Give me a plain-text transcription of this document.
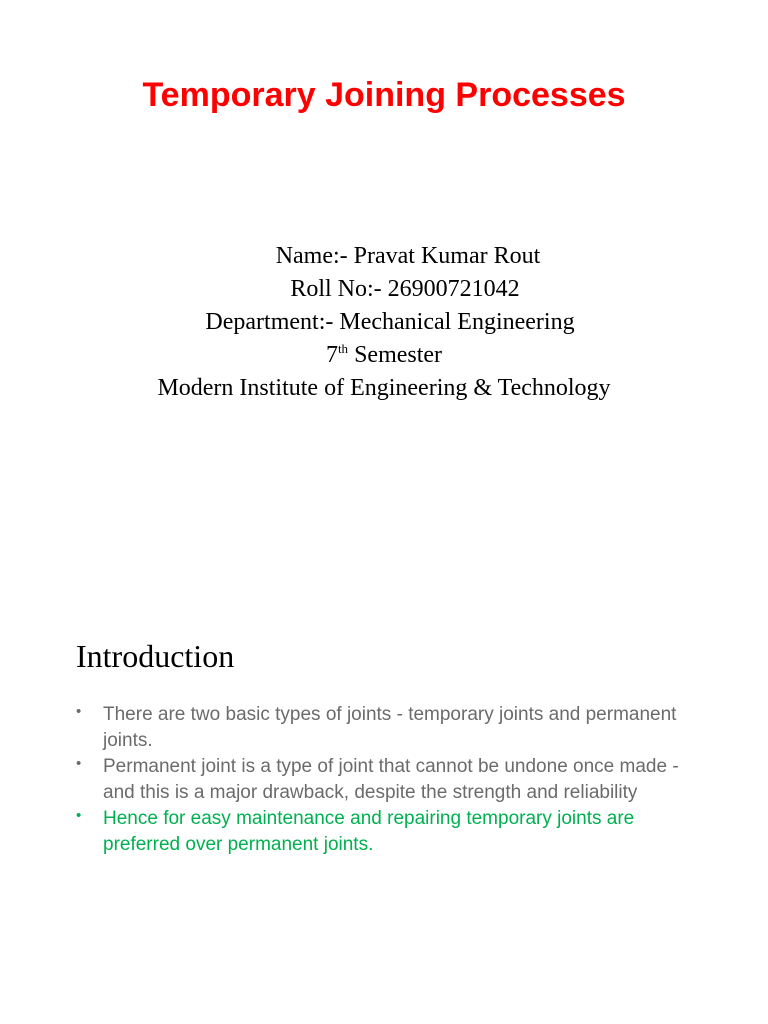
Temporary Joining Processes
Name:- Pravat Kumar Rout
Roll No:- 26900721042
Department:- Mechanical Engineering
7th Semester
Modern Institute of Engineering & Technology
Introduction
• There are two basic types of joints - temporary joints and permanent joints.
• Permanent joint is a type of joint that cannot be undone once made - and this is a major drawback, despite the strength and reliability
• Hence for easy maintenance and repairing temporary joints are preferred over permanent joints.
